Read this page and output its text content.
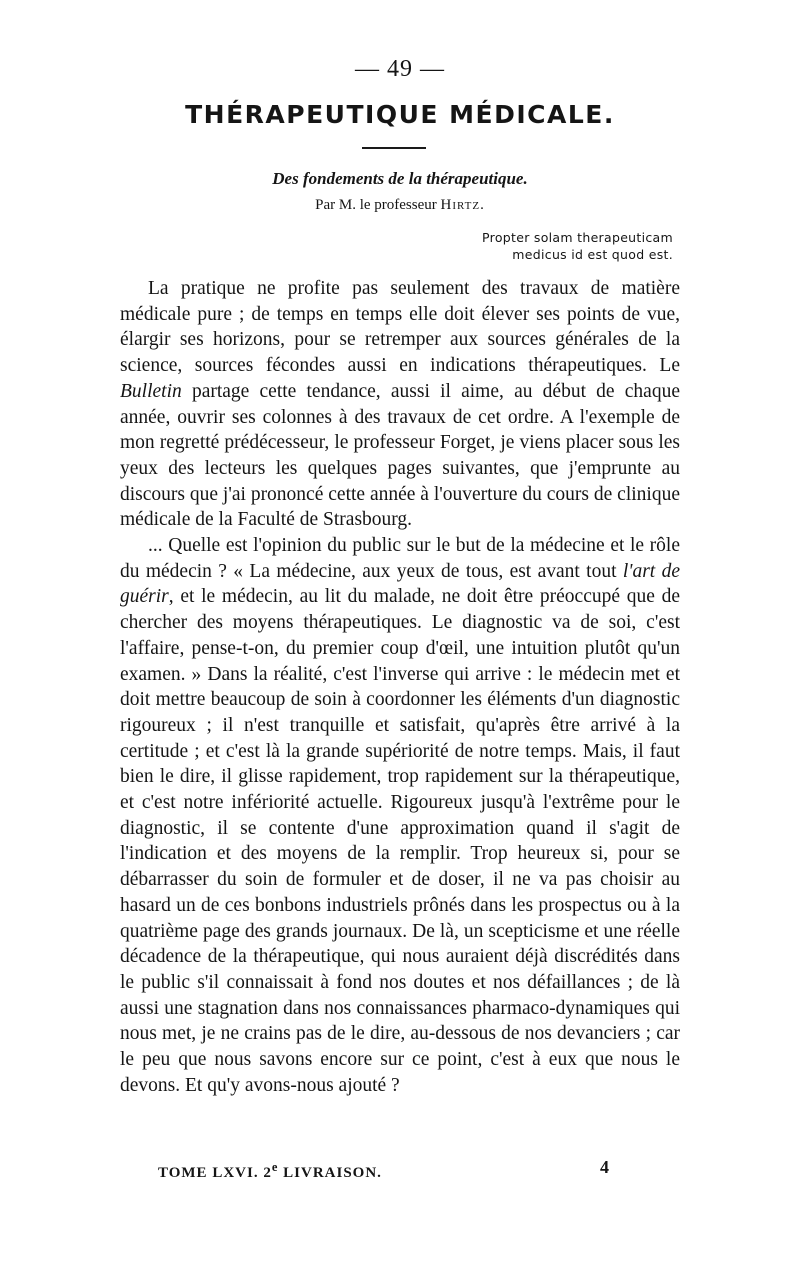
— 49 —
THÉRAPEUTIQUE MÉDICALE.
Des fondements de la thérapeutique.
Par M. le professeur Hirtz.
Propter solam therapeuticam
medicus id est quod est.

La pratique ne profite pas seulement des travaux de matière médicale pure ; de temps en temps elle doit élever ses points de vue, élargir ses horizons, pour se retremper aux sources générales de la science, sources fécondes aussi en indications thérapeutiques. Le Bulletin partage cette tendance, aussi il aime, au début de chaque année, ouvrir ses colonnes à des travaux de cet ordre. A l'exemple de mon regretté prédécesseur, le professeur Forget, je viens placer sous les yeux des lecteurs les quelques pages suivantes, que j'emprunte au discours que j'ai prononcé cette année à l'ouverture du cours de clinique médicale de la Faculté de Strasbourg.

... Quelle est l'opinion du public sur le but de la médecine et le rôle du médecin ? « La médecine, aux yeux de tous, est avant tout l'art de guérir, et le médecin, au lit du malade, ne doit être préoccupé que de chercher des moyens thérapeutiques. Le diagnostic va de soi, c'est l'affaire, pense-t-on, du premier coup d'œil, une intuition plutôt qu'un examen. » Dans la réalité, c'est l'inverse qui arrive : le médecin met et doit mettre beaucoup de soin à coordonner les éléments d'un diagnostic rigoureux ; il n'est tranquille et satisfait, qu'après être arrivé à la certitude ; et c'est là la grande supériorité de notre temps. Mais, il faut bien le dire, il glisse rapidement, trop rapidement sur la thérapeutique, et c'est notre infériorité actuelle. Rigoureux jusqu'à l'extrême pour le diagnostic, il se contente d'une approximation quand il s'agit de l'indication et des moyens de la remplir. Trop heureux si, pour se débarrasser du soin de formuler et de doser, il ne va pas choisir au hasard un de ces bonbons industriels prônés dans les prospectus ou à la quatrième page des grands journaux. De là, un scepticisme et une réelle décadence de la thérapeutique, qui nous auraient déjà discrédités dans le public s'il connaissait à fond nos doutes et nos défaillances ; de là aussi une stagnation dans nos connaissances pharmaco-dynamiques qui nous met, je ne crains pas de le dire, au-dessous de nos devanciers ; car le peu que nous savons encore sur ce point, c'est à eux que nous le devons. Et qu'y avons-nous ajouté ?

TOME LXVI. 2e LIVRAISON.	4
